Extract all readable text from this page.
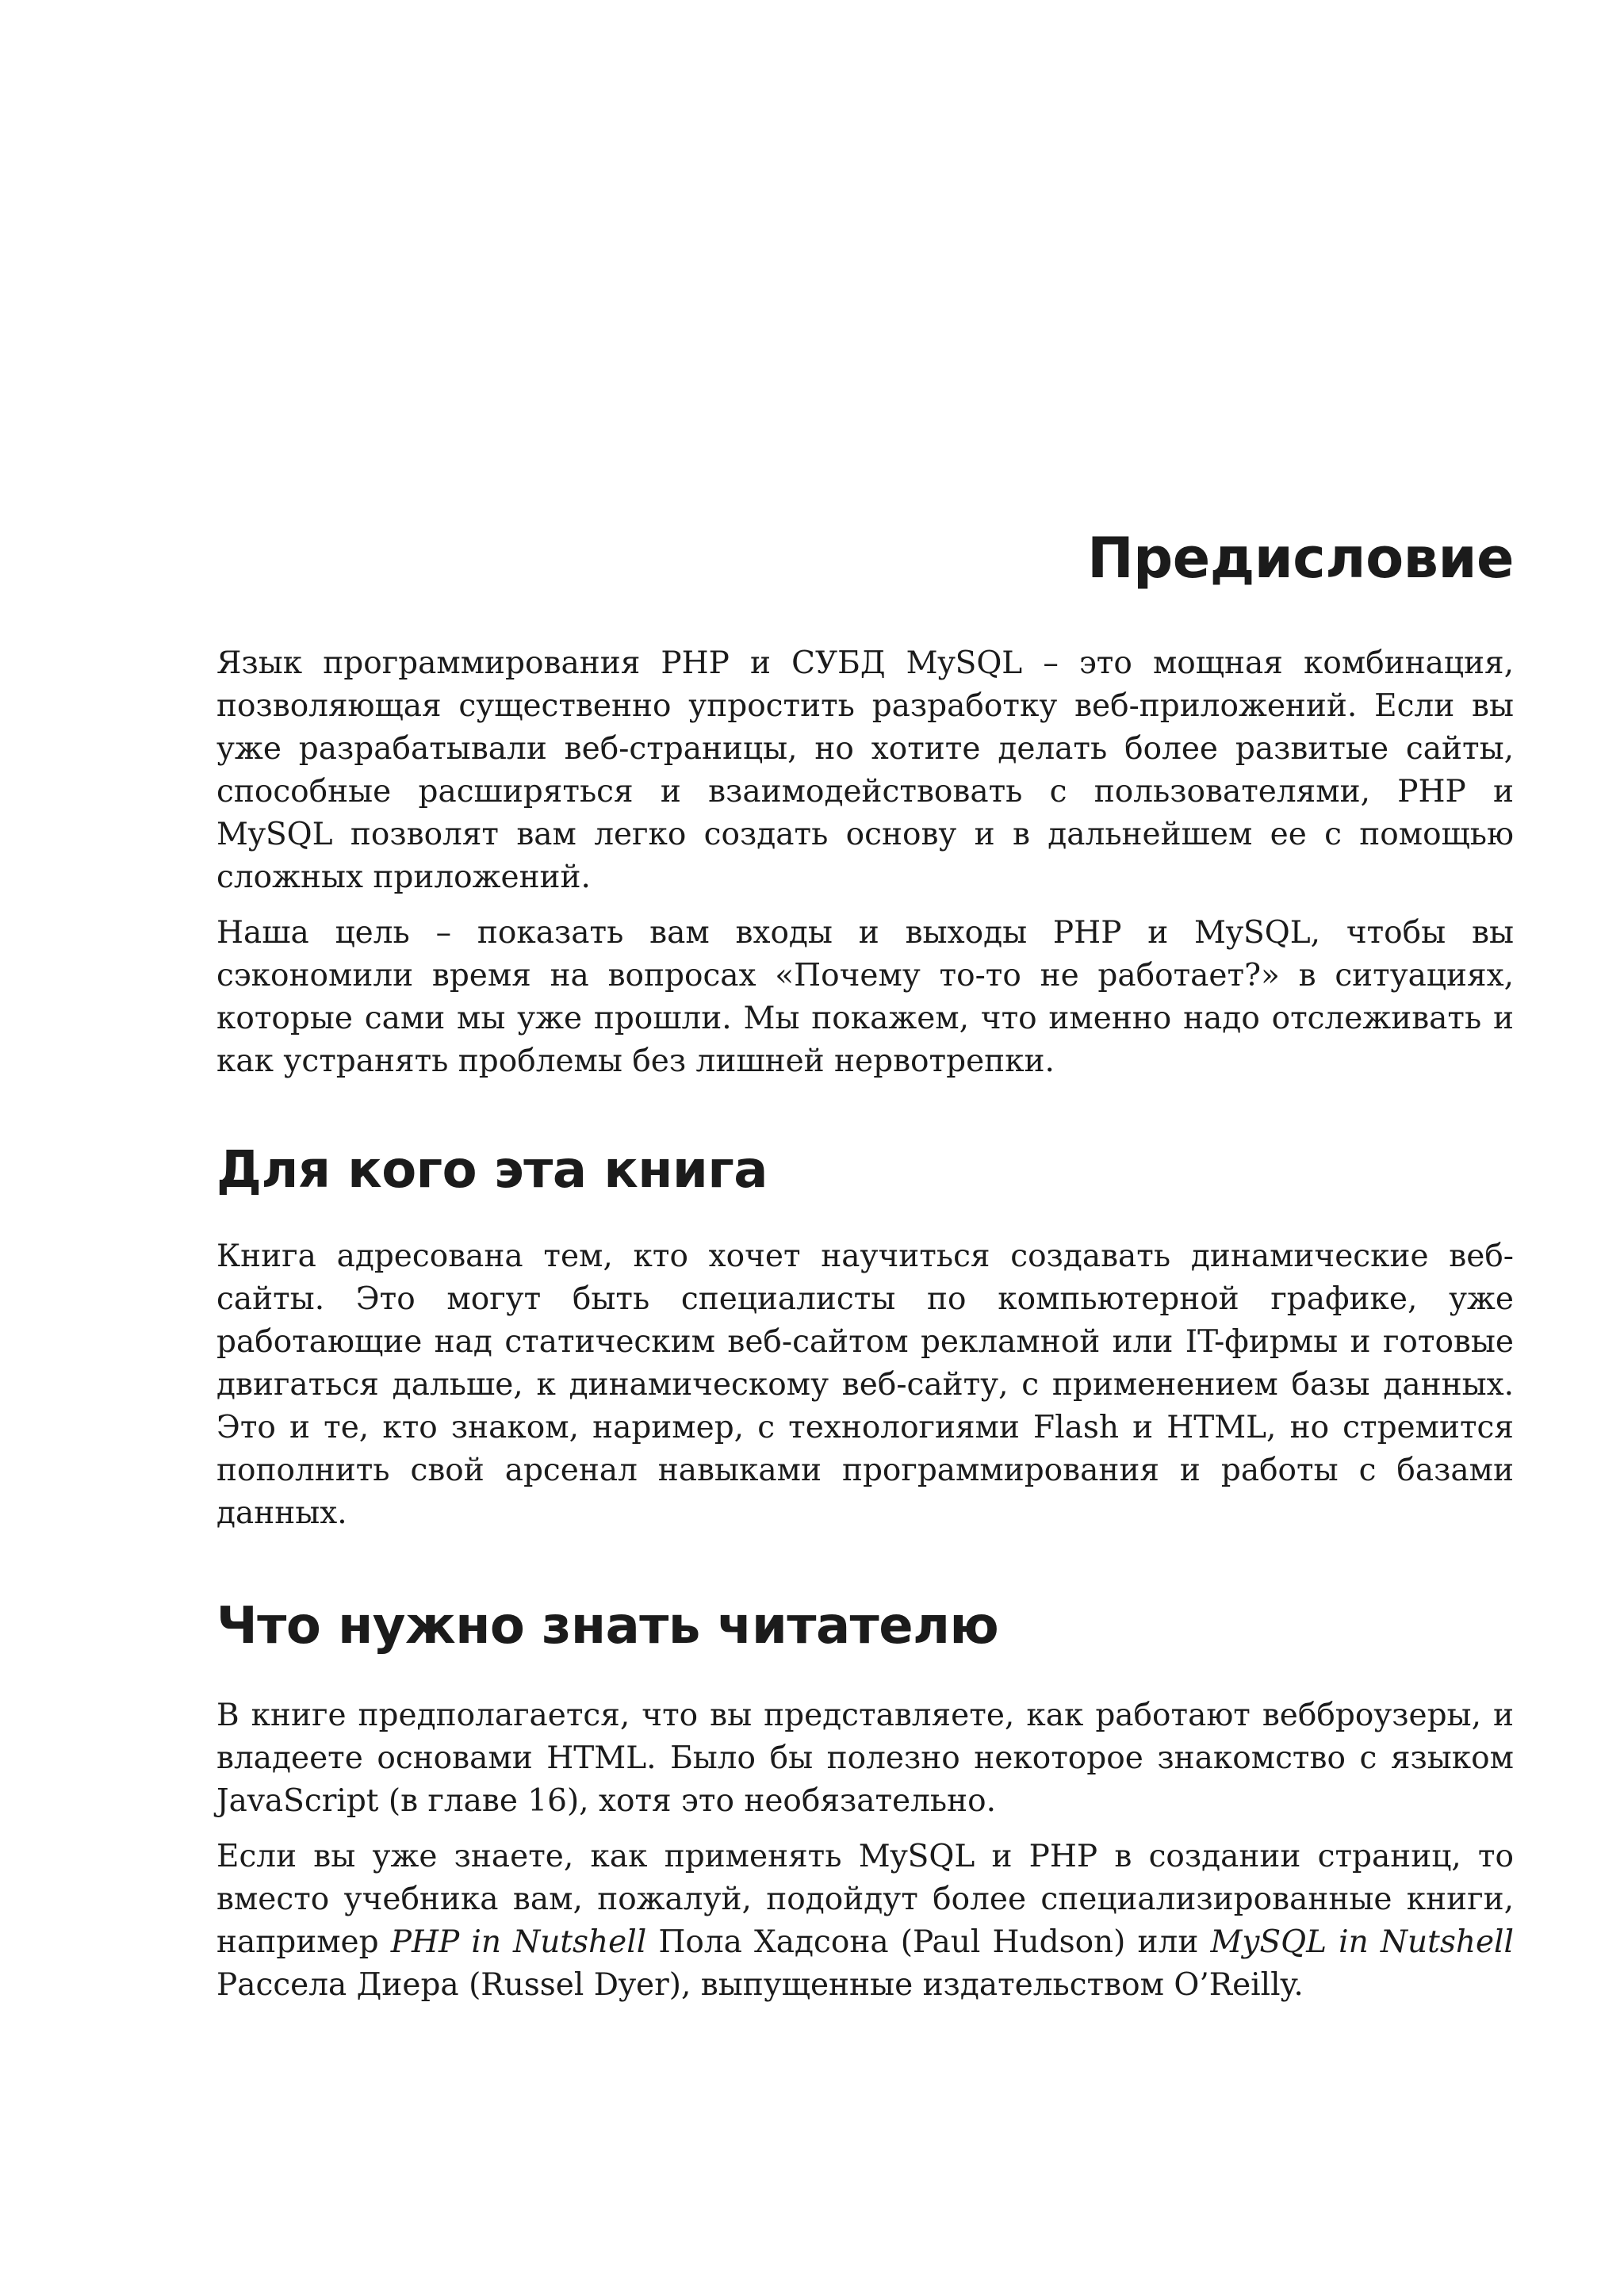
Предисловие

Язык программирования PHP и СУБД MySQL – это мощная комбинация, позволяющая существенно упростить разработку веб-приложений. Если вы уже разрабатывали веб-страницы, но хотите делать более развитые сайты, способные расширяться и взаимодействовать с пользователями, PHP и MySQL позволят вам легко создать основу и в дальнейшем ее с помощью сложных приложений.

Наша цель – показать вам входы и выходы PHP и MySQL, чтобы вы сэкономили время на вопросах «Почему то-то не работает?» в ситуациях, которые сами мы уже прошли. Мы покажем, что именно надо отслеживать и как устранять проблемы без лишней нервотрепки.

Для кого эта книга

Книга адресована тем, кто хочет научиться создавать динамические веб-сайты. Это могут быть специалисты по компьютерной графике, уже работающие над статическим веб-сайтом рекламной или IT-фирмы и готовые двигаться дальше, к динамическому веб-сайту, с применением базы данных. Это и те, кто знаком, наример, с технологиями Flash и HTML, но стремится пополнить свой арсенал навыками программирования и работы с базами данных.

Что нужно знать читателю

В книге предполагается, что вы представляете, как работают вебброузеры, и владеете основами HTML. Было бы полезно некоторое знакомство с языком JavaScript (в главе 16), хотя это необязательно.

Если вы уже знаете, как применять MySQL и PHP в создании страниц, то вместо учебника вам, пожалуй, подойдут более специализированные книги, например PHP in Nutshell Пола Хадсона (Paul Hudson) или MySQL in Nutshell Рассела Диера (Russel Dyer), выпущенные издательством O’Reilly.
